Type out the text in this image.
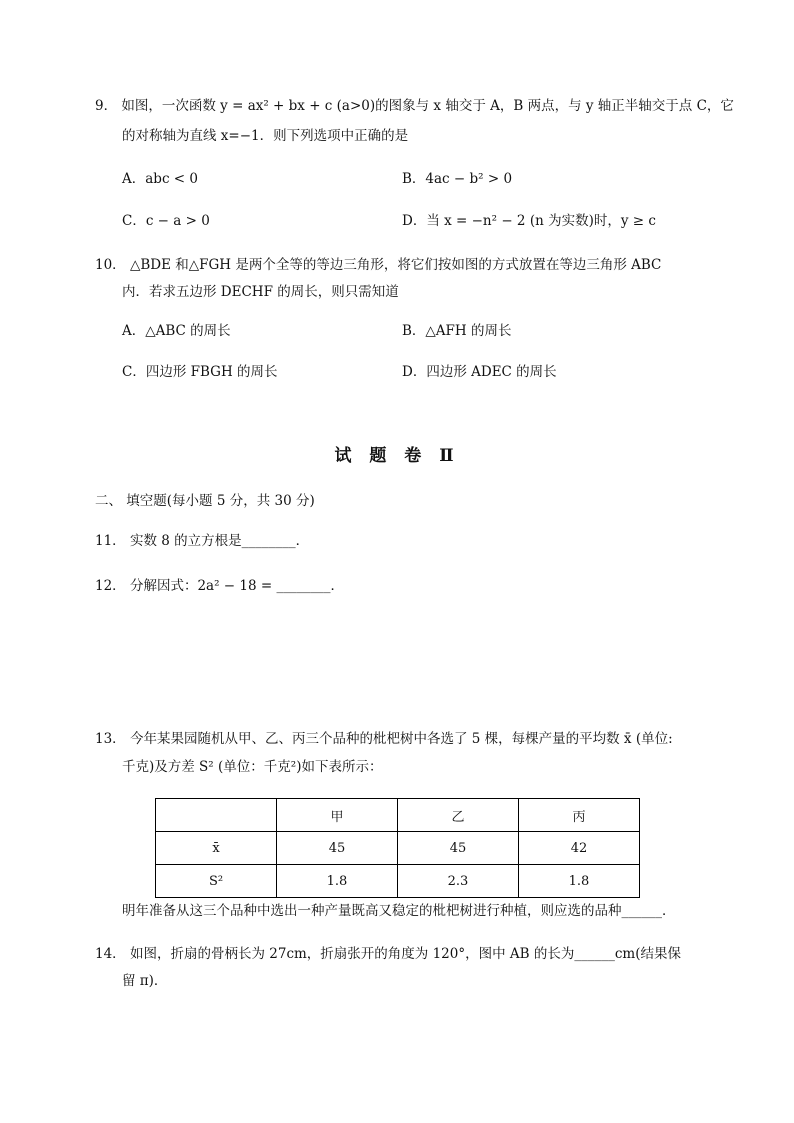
9． 如图，一次函数 y = ax² + bx + c (a>0)的图象与 x 轴交于 A，B 两点，与 y 轴正半轴交于点 C，它
的对称轴为直线 x=−1．则下列选项中正确的是
A．abc < 0	B．4ac − b² > 0
C．c − a > 0	D．当 x = −n² − 2 (n 为实数)时，y ≥ c
10． △BDE 和△FGH 是两个全等的等边三角形，将它们按如图的方式放置在等边三角形 ABC
内．若求五边形 DECHF 的周长，则只需知道
A．△ABC 的周长	B．△AFH 的周长
C．四边形 FBGH 的周长	D．四边形 ADEC 的周长
试 题 卷 Ⅱ
二、 填空题(每小题 5 分，共 30 分)
11． 实数 8 的立方根是________．
12． 分解因式：2a² − 18 = ________．
13． 今年某果园随机从甲、乙、丙三个品种的枇杷树中各选了 5 棵，每棵产量的平均数 x̄ (单位:
千克)及方差 S² (单位：千克²)如下表所示：
	甲	乙	丙
x̄	45	45	42
S²	1.8	2.3	1.8
明年准备从这三个品种中选出一种产量既高又稳定的枇杷树进行种植，则应选的品种______．
14． 如图，折扇的骨柄长为 27cm，折扇张开的角度为 120°，图中 AB 的长为______cm(结果保
留 π)．
